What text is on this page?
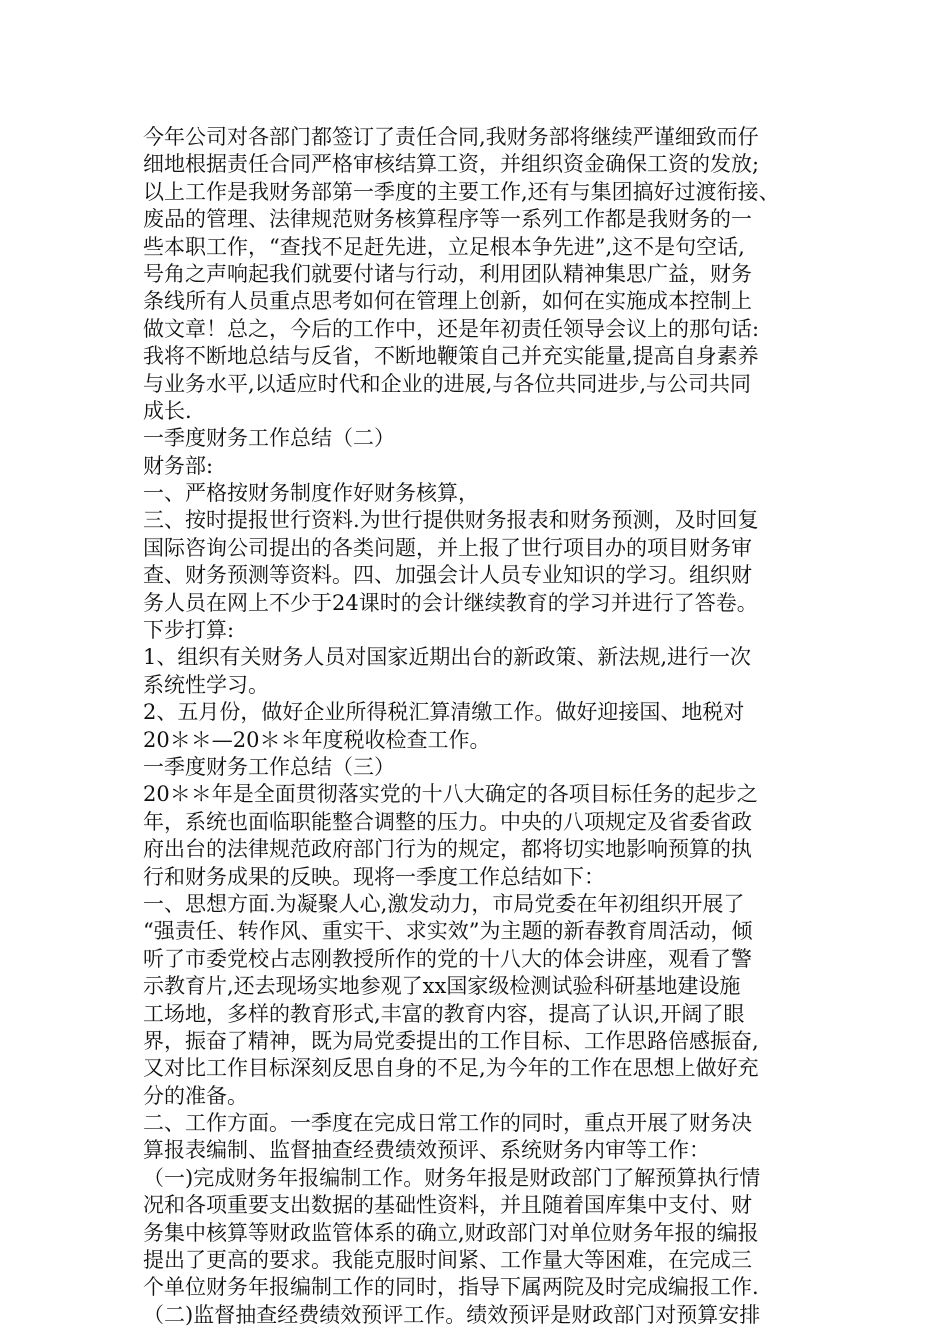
今年公司对各部门都签订了责任合同,我财务部将继续严谨细致而仔
细地根据责任合同严格审核结算工资，并组织资金确保工资的发放;
以上工作是我财务部第一季度的主要工作,还有与集团搞好过渡衔接、
废品的管理、法律规范财务核算程序等一系列工作都是我财务的一
些本职工作，“查找不足赶先进，立足根本争先进”,这不是句空话,
号角之声响起我们就要付诸与行动，利用团队精神集思广益，财务
条线所有人员重点思考如何在管理上创新，如何在实施成本控制上
做文章！总之，今后的工作中，还是年初责任领导会议上的那句话:
我将不断地总结与反省，不断地鞭策自己并充实能量,提高自身素养
与业务水平,以适应时代和企业的进展,与各位共同进步,与公司共同
成长.
一季度财务工作总结（二）
财务部:
一、严格按财务制度作好财务核算，
三、按时提报世行资料.为世行提供财务报表和财务预测，及时回复
国际咨询公司提出的各类问题，并上报了世行项目办的项目财务审
查、财务预测等资料。四、加强会计人员专业知识的学习。组织财
务人员在网上不少于24课时的会计继续教育的学习并进行了答卷。
下步打算:
1、组织有关财务人员对国家近期出台的新政策、新法规,进行一次
系统性学习。
2、五月份，做好企业所得税汇算清缴工作。做好迎接国、地税对
20＊＊—20＊＊年度税收检查工作。
一季度财务工作总结（三）
20＊＊年是全面贯彻落实党的十八大确定的各项目标任务的起步之
年，系统也面临职能整合调整的压力。中央的八项规定及省委省政
府出台的法律规范政府部门行为的规定，都将切实地影响预算的执
行和财务成果的反映。现将一季度工作总结如下：
一、思想方面.为凝聚人心,激发动力，市局党委在年初组织开展了
“强责任、转作风、重实干、求实效”为主题的新春教育周活动，倾
听了市委党校占志刚教授所作的党的十八大的体会讲座，观看了警
示教育片,还去现场实地参观了xx国家级检测试验科研基地建设施
工场地，多样的教育形式,丰富的教育内容，提高了认识,开阔了眼
界，振奋了精神，既为局党委提出的工作目标、工作思路倍感振奋,
又对比工作目标深刻反思自身的不足,为今年的工作在思想上做好充
分的准备。
二、工作方面。一季度在完成日常工作的同时，重点开展了财务决
算报表编制、监督抽查经费绩效预评、系统财务内审等工作：
（一)完成财务年报编制工作。财务年报是财政部门了解预算执行情
况和各项重要支出数据的基础性资料，并且随着国库集中支付、财
务集中核算等财政监管体系的确立,财政部门对单位财务年报的编报
提出了更高的要求。我能克服时间紧、工作量大等困难，在完成三
个单位财务年报编制工作的同时，指导下属两院及时完成编报工作.
（二)监督抽查经费绩效预评工作。绩效预评是财政部门对预算安排
